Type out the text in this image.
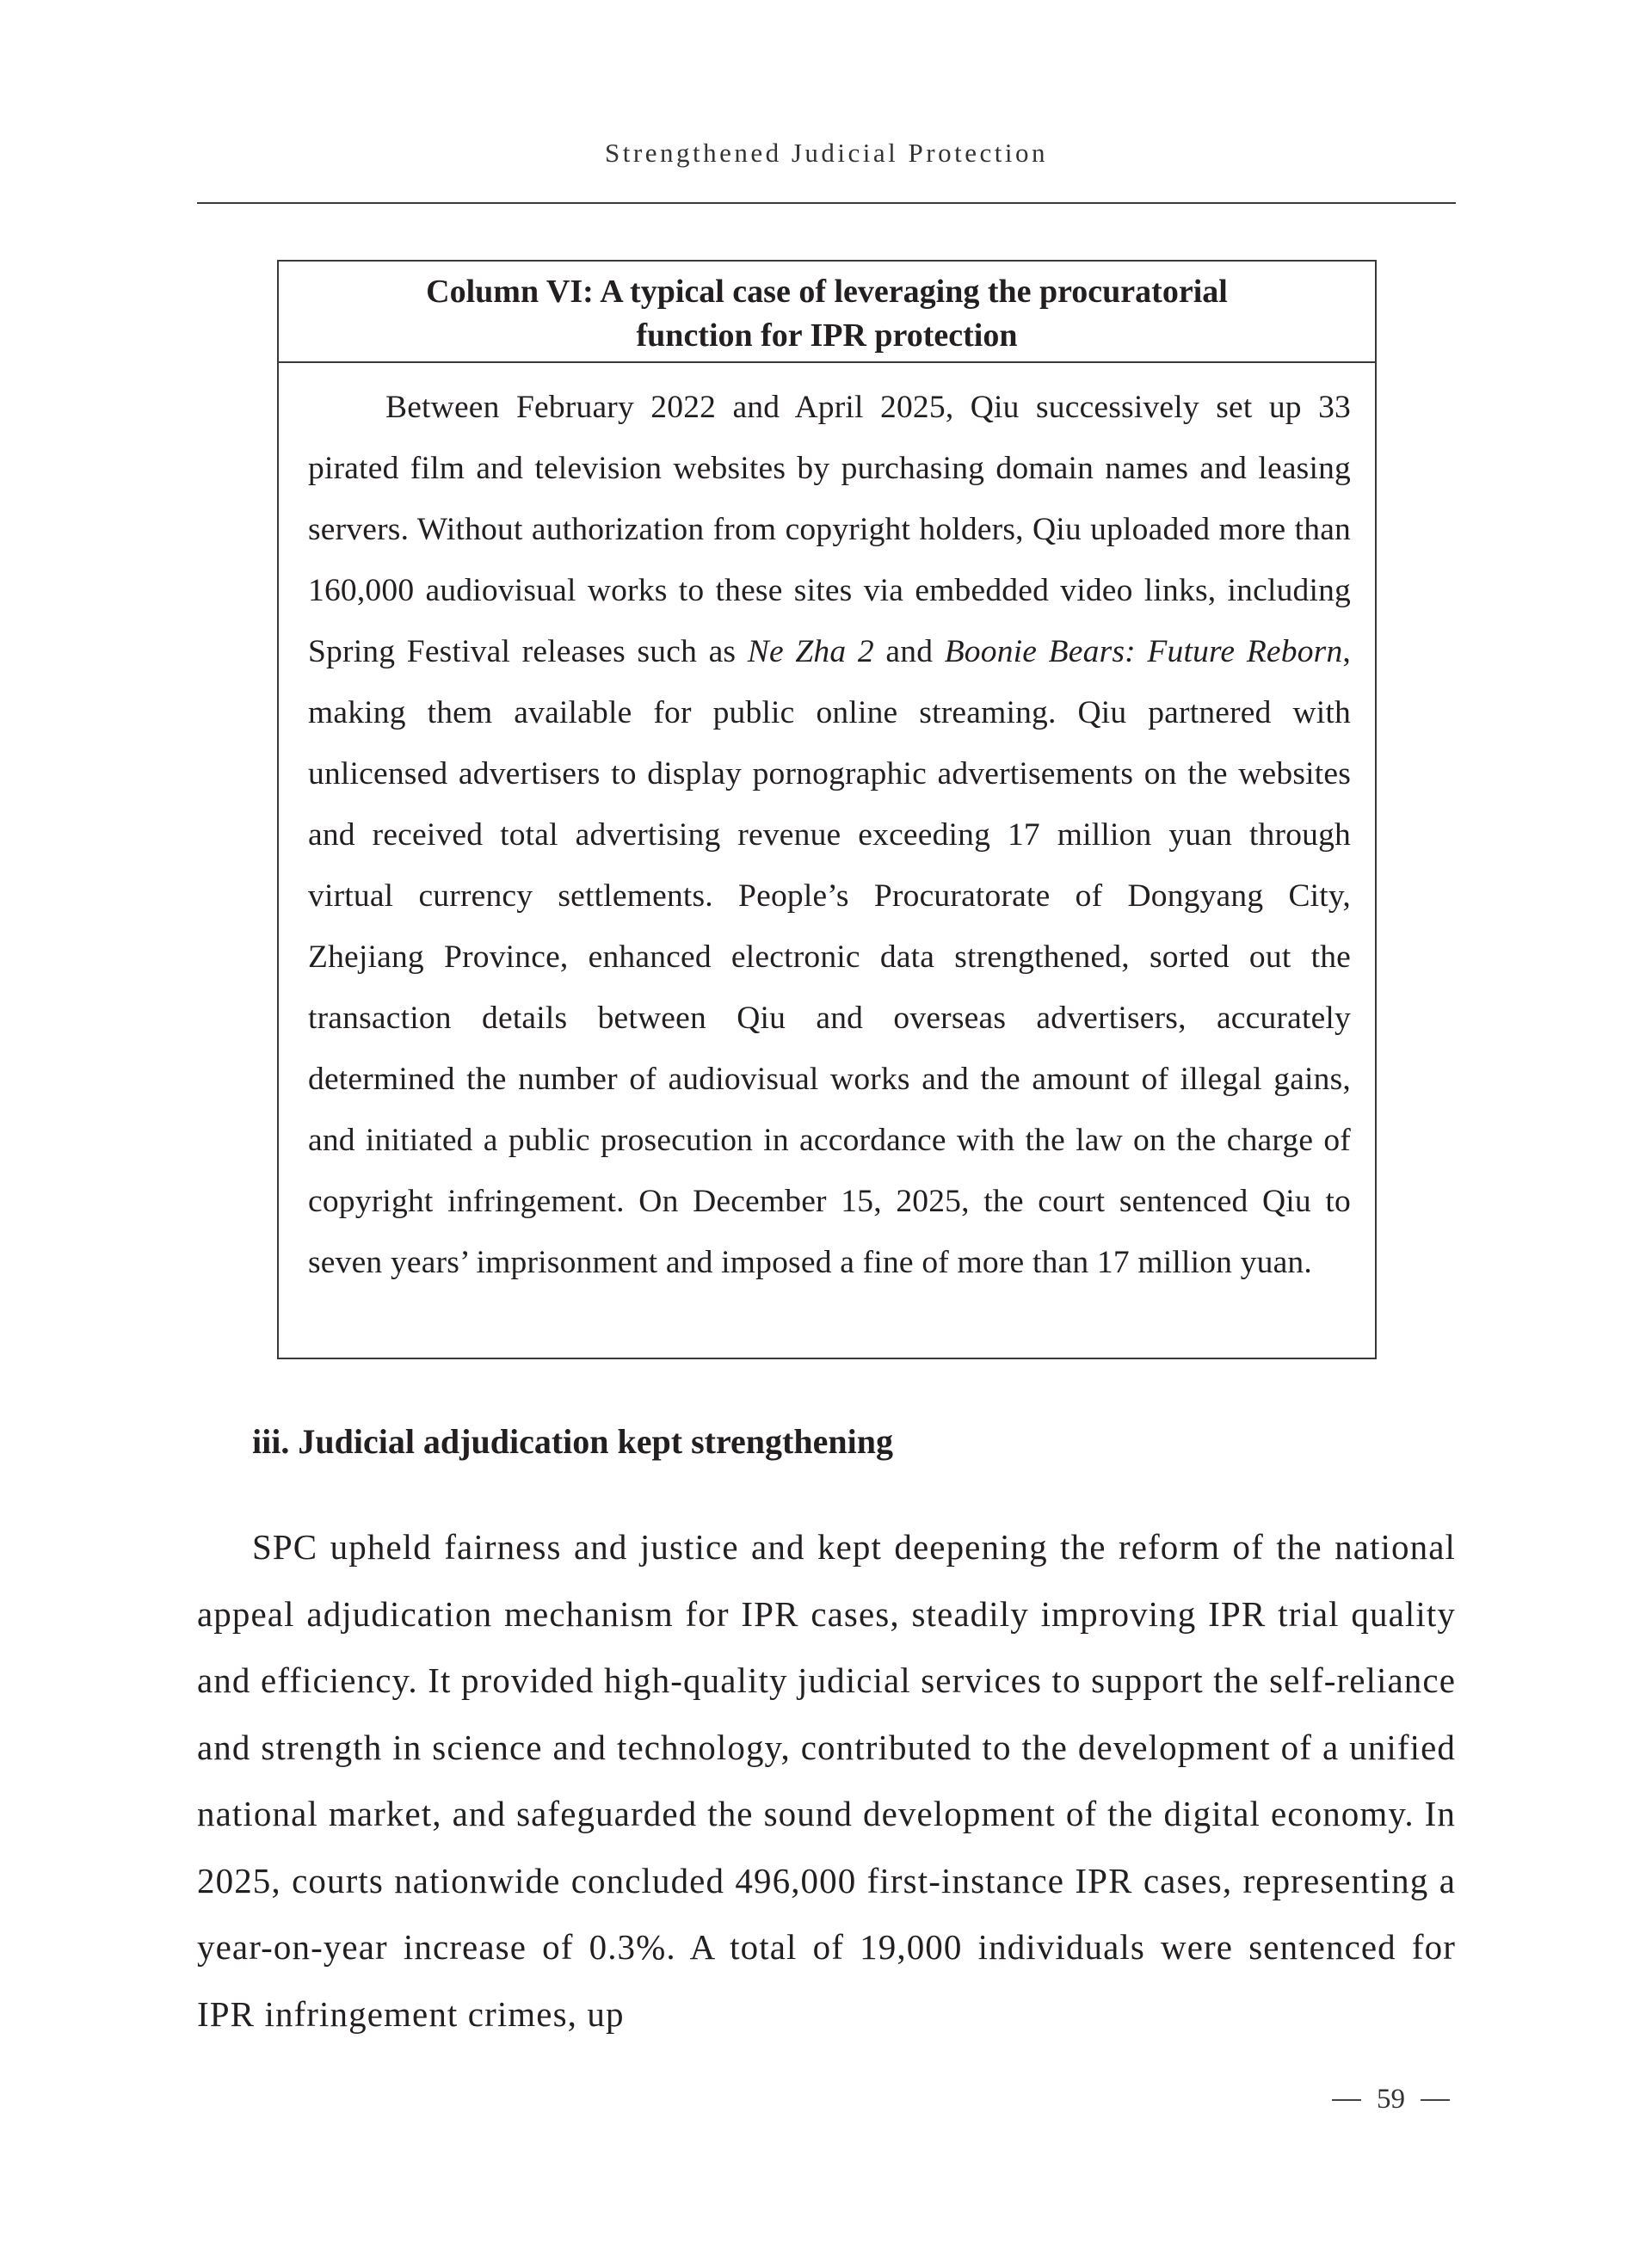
Strengthened Judicial Protection
Column VI: A typical case of leveraging the procuratorial
function for IPR protection
Between February 2022 and April 2025, Qiu successively set up 33 pirated film and television websites by purchasing domain names and leasing servers. Without authorization from copyright holders, Qiu uploaded more than 160,000 audiovisual works to these sites via embedded video links, including Spring Festival releases such as Ne Zha 2 and Boonie Bears: Future Reborn, making them available for public online streaming. Qiu partnered with unlicensed advertisers to display pornographic advertisements on the websites and received total advertising revenue exceeding 17 million yuan through virtual currency settlements. People’s Procuratorate of Dongyang City, Zhejiang Province, enhanced electronic data strengthened, sorted out the transaction details between Qiu and overseas advertisers, accurately determined the number of audiovisual works and the amount of illegal gains, and initiated a public prosecution in accordance with the law on the charge of copyright infringement. On December 15, 2025, the court sentenced Qiu to seven years’ imprisonment and imposed a fine of more than 17 million yuan.
iii. Judicial adjudication kept strengthening
SPC upheld fairness and justice and kept deepening the reform of the national appeal adjudication mechanism for IPR cases, steadily improving IPR trial quality and efficiency. It provided high-quality judicial services to support the self-reliance and strength in science and technology, contributed to the development of a unified national market, and safeguarded the sound development of the digital economy. In 2025, courts nationwide concluded 496,000 first-instance IPR cases, representing a year-on-year increase of 0.3%. A total of 19,000 individuals were sentenced for IPR infringement crimes, up
59
